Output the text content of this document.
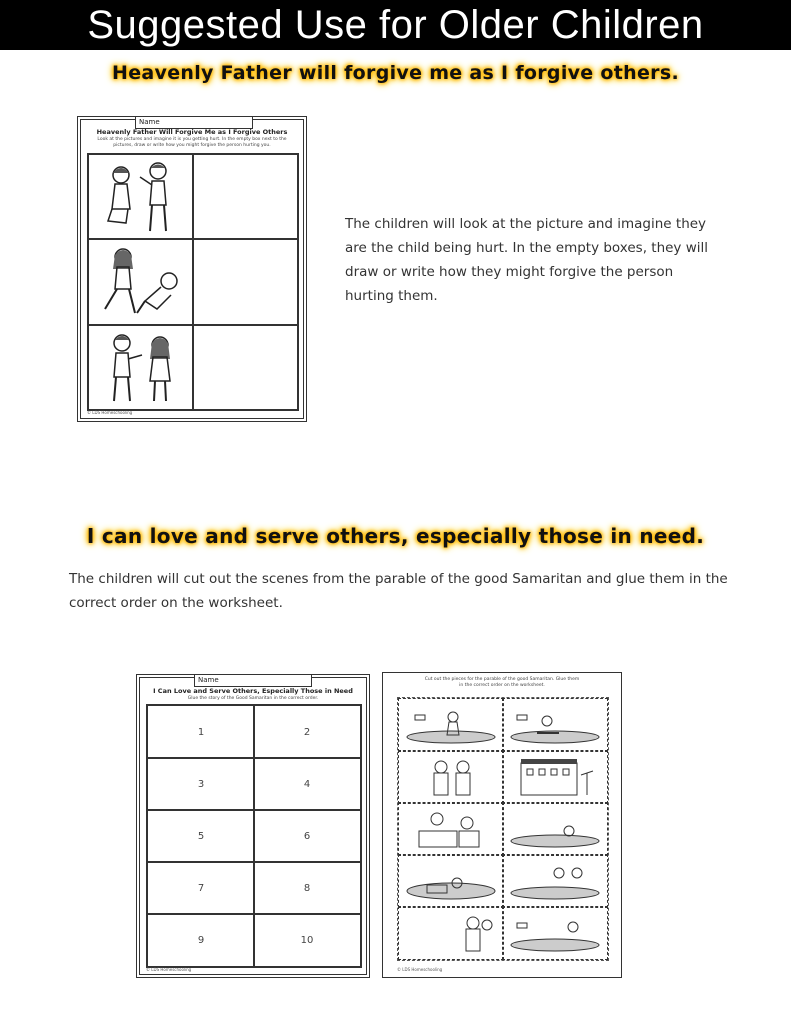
Suggested Use for Older Children
Heavenly Father will forgive me as I forgive others.
Name
Heavenly Father Will Forgive Me as I Forgive Others
Look at the pictures and imagine it is you getting hurt. In the empty box next to the pictures, draw or write how you might forgive the person hurting you.
© LDS Homeschooling
The children will look at the picture and imagine they are the child being hurt. In the empty boxes, they will draw or write how they might forgive the person hurting them.
I can love and serve others, especially those in need.
The children will cut out the scenes from the parable of the good Samaritan and glue them in the correct order on the worksheet.
Name
I Can Love and Serve Others, Especially Those in Need
Glue the story of the Good Samaritan in the correct order.
1	2
3	4
5	6
7	8
9	10
© LDS Homeschooling
Cut out the pieces for the parable of the good Samaritan. Glue them in the correct order on the worksheet.
© LDS Homeschooling
